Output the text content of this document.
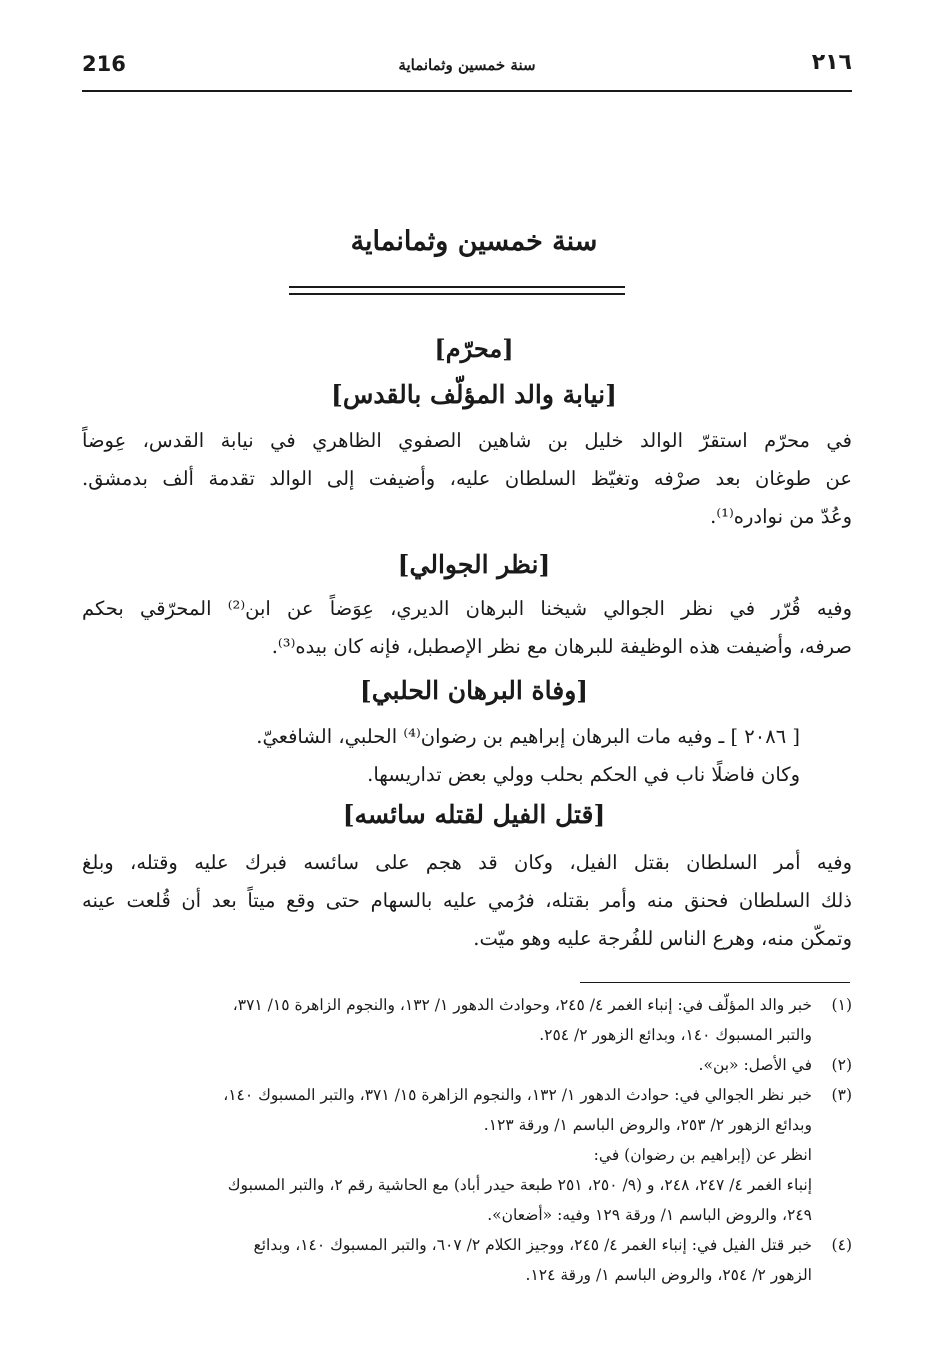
216	سنة خمسين وثمانماية	٢١٦
سنة خمسين وثمانماية
[محرّم]
[نيابة والد المؤلّف بالقدس]
في محرّم استقرّ الوالد خليل بن شاهين الصفوي الظاهري في نيابة القدس، عِوضاً
عن طوغان بعد صرْفه وتغيّظ السلطان عليه، وأضيفت إلى الوالد تقدمة ألف بدمشق.
وعُدّ من نوادره⁽¹⁾.
[نظر الجوالي]
وفيه قُرّر في نظر الجوالي شيخنا البرهان الديري، عِوَضاً عن ابن⁽²⁾ المحرّقي بحكم
صرفه، وأضيفت هذه الوظيفة للبرهان مع نظر الإصطبل، فإنه كان بيده⁽³⁾.
[وفاة البرهان الحلبي]
[ ٢٠٨٦ ] ـ وفيه مات البرهان إبراهيم بن رضوان⁽⁴⁾ الحلبي، الشافعيّ.
وكان فاضلًا ناب في الحكم بحلب وولي بعض تداريسها.
[قتل الفيل لقتله سائسه]
وفيه أمر السلطان بقتل الفيل، وكان قد هجم على سائسه فبرك عليه وقتله، وبلغ
ذلك السلطان فحنق منه وأمر بقتله، فرُمي عليه بالسهام حتى وقع ميتاً بعد أن قُلعت عينه
وتمكّن منه، وهرع الناس للفُرجة عليه وهو ميّت.
(١)
خبر والد المؤلّف في: إنباء الغمر ٤/ ٢٤٥، وحوادث الدهور ١/ ١٣٢، والنجوم الزاهرة ١٥/ ٣٧١،
والتبر المسبوك ١٤٠، وبدائع الزهور ٢/ ٢٥٤.
(٢)
في الأصل: «بن».
(٣)
خبر نظر الجوالي في: حوادث الدهور ١/ ١٣٢، والنجوم الزاهرة ١٥/ ٣٧١، والتبر المسبوك ١٤٠،
وبدائع الزهور ٢/ ٢٥٣، والروض الباسم ١/ ورقة ١٢٣.
انظر عن (إبراهيم بن رضوان) في:
إنباء الغمر ٤/ ٢٤٧، ٢٤٨، و (٩/ ٢٥٠، ٢٥١ طبعة حيدر أباد) مع الحاشية رقم ٢، والتبر المسبوك
٢٤٩، والروض الباسم ١/ ورقة ١٢٩ وفيه: «أضعان».
(٤)
خبر قتل الفيل في: إنباء الغمر ٤/ ٢٤٥، ووجيز الكلام ٢/ ٦٠٧، والتبر المسبوك ١٤٠، وبدائع
الزهور ٢/ ٢٥٤، والروض الباسم ١/ ورقة ١٢٤.
